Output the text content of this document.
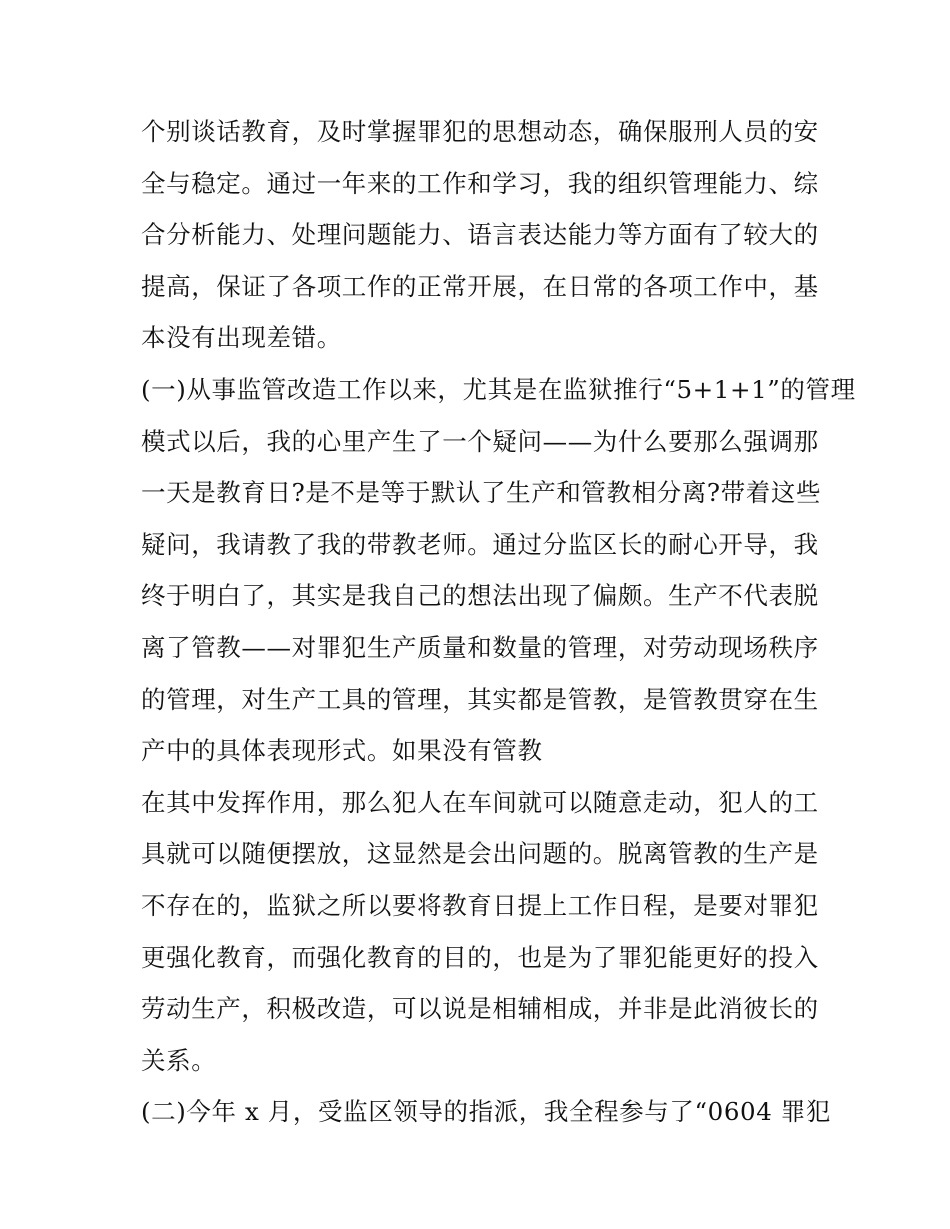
个别谈话教育，及时掌握罪犯的思想动态，确保服刑人员的安
全与稳定。通过一年来的工作和学习，我的组织管理能力、综
合分析能力、处理问题能力、语言表达能力等方面有了较大的
提高，保证了各项工作的正常开展，在日常的各项工作中，基
本没有出现差错。
(一)从事监管改造工作以来，尤其是在监狱推行“5+1+1”的管理
模式以后，我的心里产生了一个疑问——为什么要那么强调那
一天是教育日?是不是等于默认了生产和管教相分离?带着这些
疑问，我请教了我的带教老师。通过分监区长的耐心开导，我
终于明白了，其实是我自己的想法出现了偏颇。生产不代表脱
离了管教——对罪犯生产质量和数量的管理，对劳动现场秩序
的管理，对生产工具的管理，其实都是管教，是管教贯穿在生
产中的具体表现形式。如果没有管教
在其中发挥作用，那么犯人在车间就可以随意走动，犯人的工
具就可以随便摆放，这显然是会出问题的。脱离管教的生产是
不存在的，监狱之所以要将教育日提上工作日程，是要对罪犯
更强化教育，而强化教育的目的，也是为了罪犯能更好的投入
劳动生产，积极改造，可以说是相辅相成，并非是此消彼长的
关系。
(二)今年 x 月，受监区领导的指派，我全程参与了“0604 罪犯
